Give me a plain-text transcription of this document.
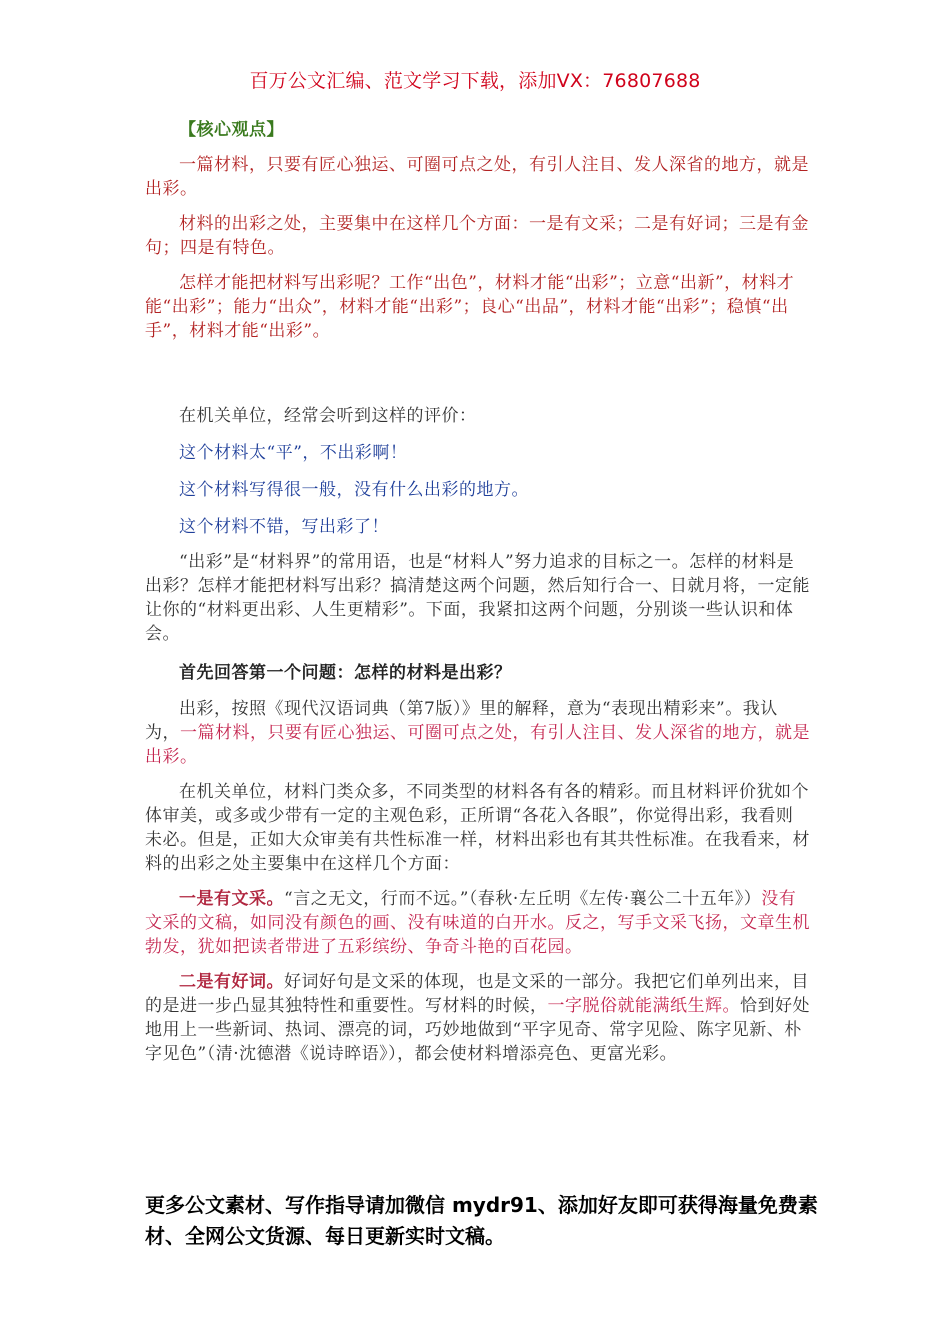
百万公文汇编、范文学习下载，添加VX：76807688

【核心观点】

一篇材料，只要有匠心独运、可圈可点之处，有引人注目、发人深省的地方，就是出彩。

材料的出彩之处，主要集中在这样几个方面：一是有文采；二是有好词；三是有金句；四是有特色。

怎样才能把材料写出彩呢？工作“出色”，材料才能“出彩”；立意“出新”，材料才能“出彩”；能力“出众”，材料才能“出彩”；良心“出品”，材料才能“出彩”；稳慎“出手”，材料才能“出彩”。

在机关单位，经常会听到这样的评价：

这个材料太“平”，不出彩啊！

这个材料写得很一般，没有什么出彩的地方。

这个材料不错，写出彩了！

“出彩”是“材料界”的常用语，也是“材料人”努力追求的目标之一。怎样的材料是出彩？怎样才能把材料写出彩？搞清楚这两个问题，然后知行合一、日就月将，一定能让你的“材料更出彩、人生更精彩”。下面，我紧扣这两个问题，分别谈一些认识和体会。

首先回答第一个问题：怎样的材料是出彩？

出彩，按照《现代汉语词典（第7版）》里的解释，意为“表现出精彩来”。我认为，一篇材料，只要有匠心独运、可圈可点之处，有引人注目、发人深省的地方，就是出彩。

在机关单位，材料门类众多，不同类型的材料各有各的精彩。而且材料评价犹如个体审美，或多或少带有一定的主观色彩，正所谓“各花入各眼”，你觉得出彩，我看则未必。但是，正如大众审美有共性标准一样，材料出彩也有其共性标准。在我看来，材料的出彩之处主要集中在这样几个方面：

一是有文采。“言之无文，行而不远。”（春秋·左丘明《左传·襄公二十五年》）没有文采的文稿，如同没有颜色的画、没有味道的白开水。反之，写手文采飞扬，文章生机勃发，犹如把读者带进了五彩缤纷、争奇斗艳的百花园。

二是有好词。好词好句是文采的体现，也是文采的一部分。我把它们单列出来，目的是进一步凸显其独特性和重要性。写材料的时候，一字脱俗就能满纸生辉。恰到好处地用上一些新词、热词、漂亮的词，巧妙地做到“平字见奇、常字见险、陈字见新、朴字见色”（清·沈德潜《说诗晬语》），都会使材料增添亮色、更富光彩。

更多公文素材、写作指导请加微信 mydr91、添加好友即可获得海量免费素材、全网公文货源、每日更新实时文稿。
